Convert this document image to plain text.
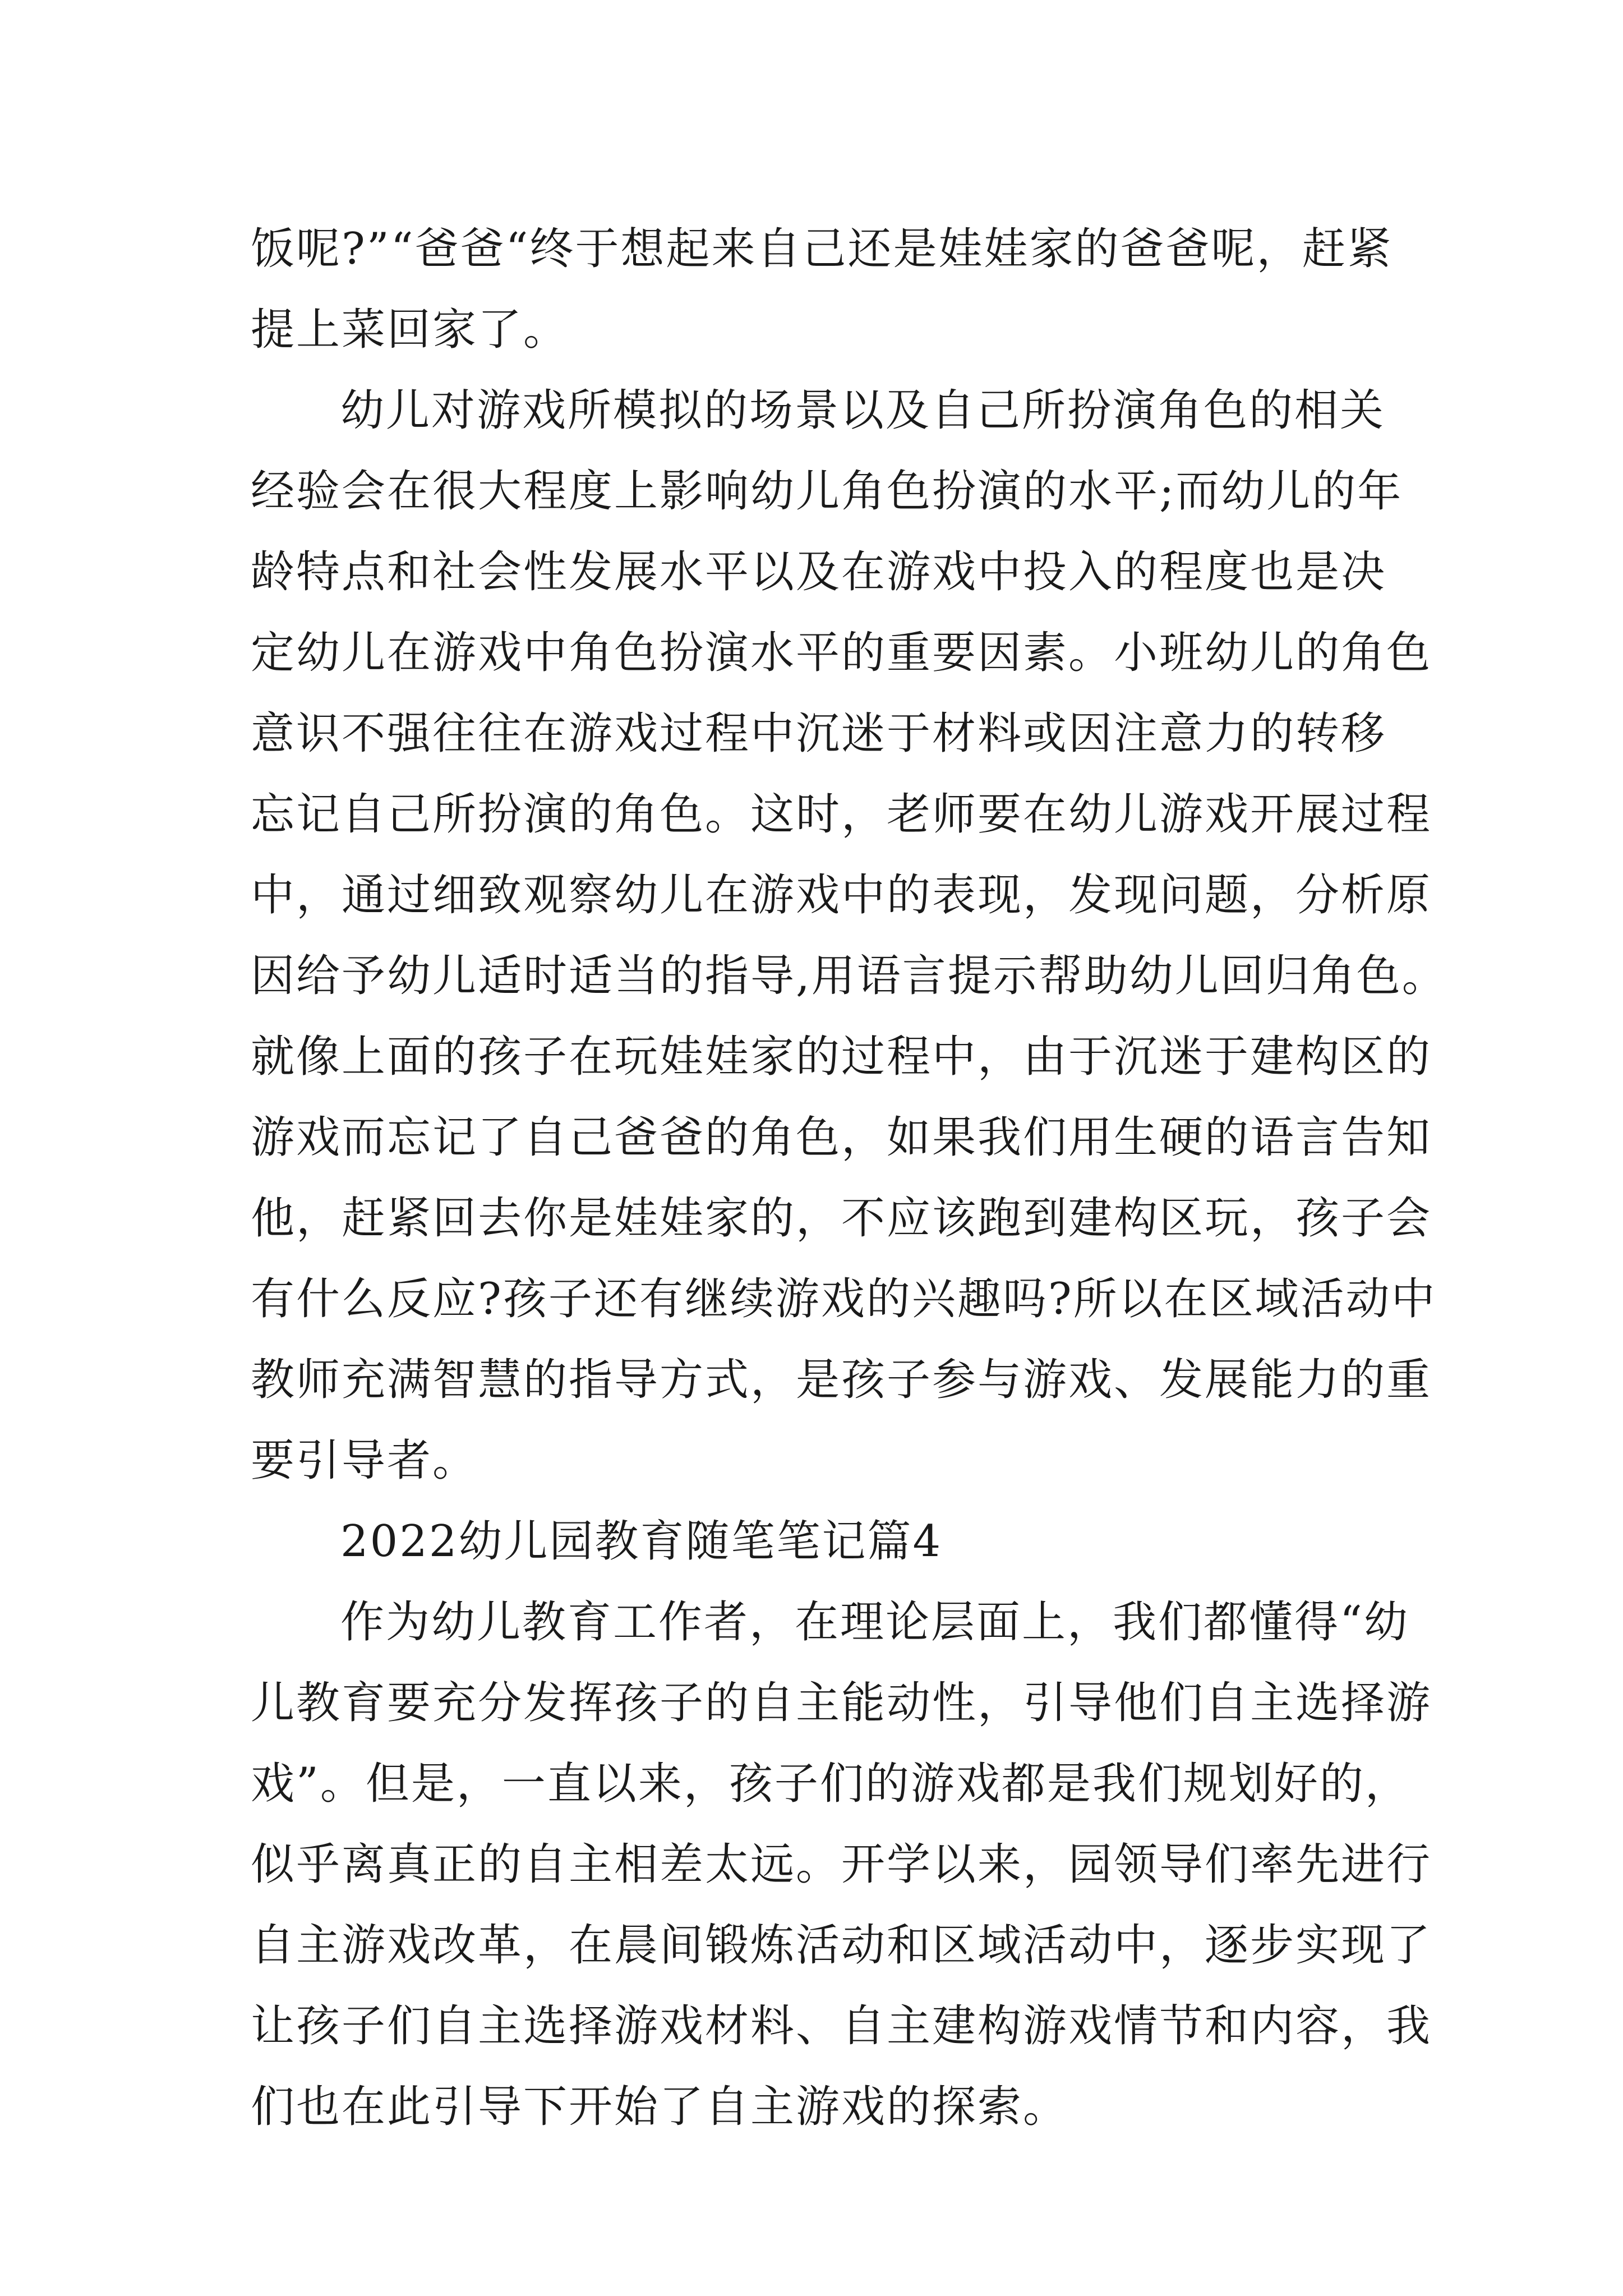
饭呢?”“爸爸“终于想起来自己还是娃娃家的爸爸呢，赶紧
提上菜回家了。
幼儿对游戏所模拟的场景以及自己所扮演角色的相关
经验会在很大程度上影响幼儿角色扮演的水平;而幼儿的年
龄特点和社会性发展水平以及在游戏中投入的程度也是决
定幼儿在游戏中角色扮演水平的重要因素。小班幼儿的角色
意识不强往往在游戏过程中沉迷于材料或因注意力的转移
忘记自己所扮演的角色。这时，老师要在幼儿游戏开展过程
中，通过细致观察幼儿在游戏中的表现，发现问题，分析原
因给予幼儿适时适当的指导,用语言提示帮助幼儿回归角色。
就像上面的孩子在玩娃娃家的过程中，由于沉迷于建构区的
游戏而忘记了自己爸爸的角色，如果我们用生硬的语言告知
他，赶紧回去你是娃娃家的，不应该跑到建构区玩，孩子会
有什么反应?孩子还有继续游戏的兴趣吗?所以在区域活动中
教师充满智慧的指导方式，是孩子参与游戏、发展能力的重
要引导者。
2022幼儿园教育随笔笔记篇4
作为幼儿教育工作者，在理论层面上，我们都懂得“幼
儿教育要充分发挥孩子的自主能动性，引导他们自主选择游
戏”。但是，一直以来，孩子们的游戏都是我们规划好的，
似乎离真正的自主相差太远。开学以来，园领导们率先进行
自主游戏改革，在晨间锻炼活动和区域活动中，逐步实现了
让孩子们自主选择游戏材料、自主建构游戏情节和内容，我
们也在此引导下开始了自主游戏的探索。
